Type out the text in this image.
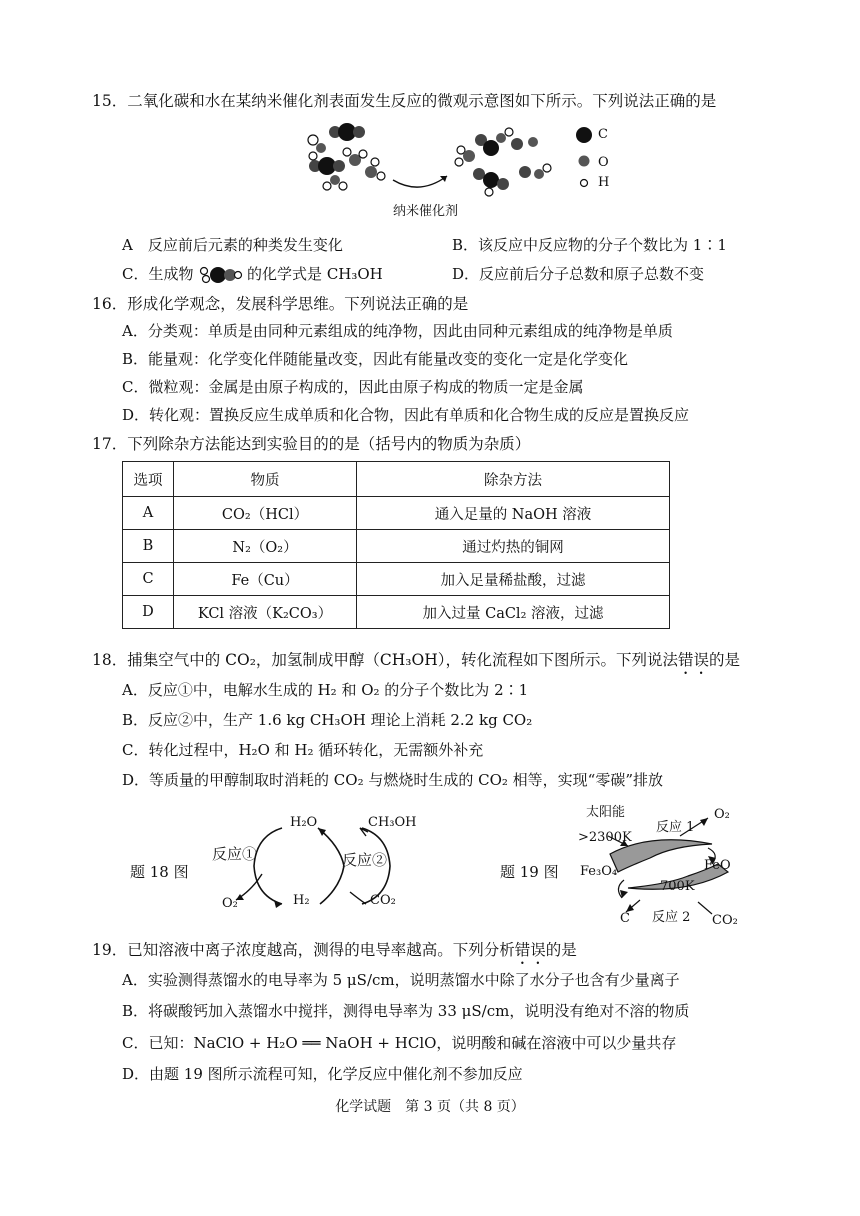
15．二氧化碳和水在某纳米催化剂表面发生反应的微观示意图如下所示。下列说法正确的是
纳米催化剂
C
O
H
A　反应前后元素的种类发生变化	B．该反应中反应物的分子个数比为 1∶1
C．生成物	的化学式是 CH₃OH	D．反应前后分子总数和原子总数不变
16．形成化学观念，发展科学思维。下列说法正确的是
A．分类观：单质是由同种元素组成的纯净物，因此由同种元素组成的纯净物是单质
B．能量观：化学变化伴随能量改变，因此有能量改变的变化一定是化学变化
C．微粒观：金属是由原子构成的，因此由原子构成的物质一定是金属
D．转化观：置换反应生成单质和化合物，因此有单质和化合物生成的反应是置换反应
17．下列除杂方法能达到实验目的的是（括号内的物质为杂质）
选项	物质	除杂方法
A	CO₂（HCl）	通入足量的 NaOH 溶液
B	N₂（O₂）	通过灼热的铜网
C	Fe（Cu）	加入足量稀盐酸，过滤
D	KCl 溶液（K₂CO₃）	加入过量 CaCl₂ 溶液，过滤
18．捕集空气中的 CO₂，加氢制成甲醇（CH₃OH），转化流程如下图所示。下列说法错误的是
A．反应①中，电解水生成的 H₂ 和 O₂ 的分子个数比为 2∶1
B．反应②中，生产 1.6 kg CH₃OH 理论上消耗 2.2 kg CO₂
C．转化过程中，H₂O 和 H₂ 循环转化，无需额外补充
D．等质量的甲醇制取时消耗的 CO₂ 与燃烧时生成的 CO₂ 相等，实现“零碳”排放
题 18 图
H₂O	CH₃OH
反应①	反应②
O₂	H₂	CO₂
题 19 图
太阳能
>2300K
反应 1
O₂
FeO
Fe₃O₄
700K
反应 2
C	CO₂
19．已知溶液中离子浓度越高，测得的电导率越高。下列分析错误的是
A．实验测得蒸馏水的电导率为 5 μS/cm，说明蒸馏水中除了水分子也含有少量离子
B．将碳酸钙加入蒸馏水中搅拌，测得电导率为 33 μS/cm，说明没有绝对不溶的物质
C．已知：NaClO + H₂O ══ NaOH + HClO，说明酸和碱在溶液中可以少量共存
D．由题 19 图所示流程可知，化学反应中催化剂不参加反应
化学试题　第 3 页（共 8 页）
